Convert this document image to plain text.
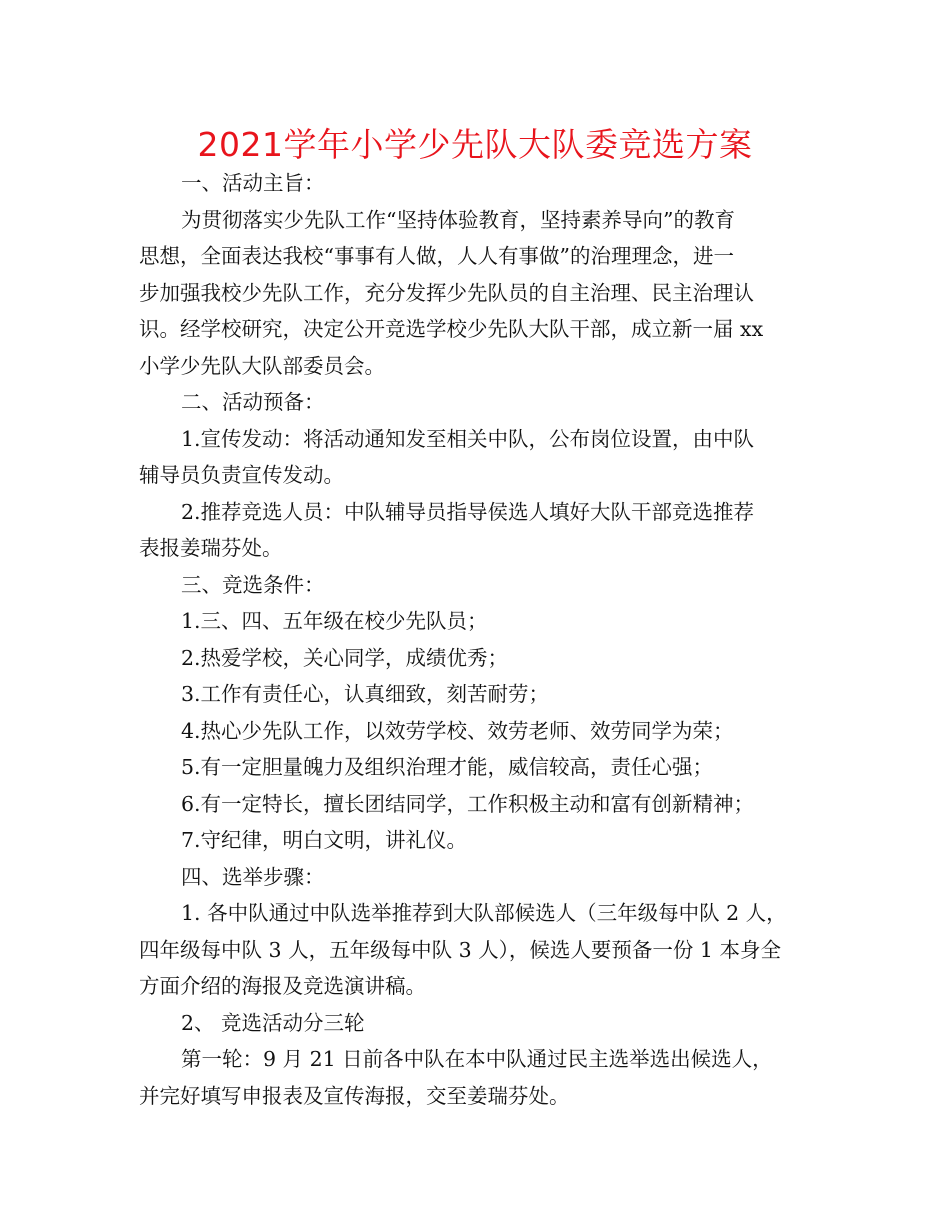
2021学年小学少先队大队委竞选方案
一、活动主旨：
为贯彻落实少先队工作“坚持体验教育，坚持素养导向”的教育
思想，全面表达我校“事事有人做，人人有事做”的治理理念，进一
步加强我校少先队工作，充分发挥少先队员的自主治理、民主治理认
识。经学校研究，决定公开竞选学校少先队大队干部，成立新一届 xx
小学少先队大队部委员会。
二、活动预备：
1.宣传发动：将活动通知发至相关中队，公布岗位设置，由中队
辅导员负责宣传发动。
2.推荐竞选人员：中队辅导员指导侯选人填好大队干部竞选推荐
表报姜瑞芬处。
三、竞选条件：
1.三、四、五年级在校少先队员；
2.热爱学校，关心同学，成绩优秀；
3.工作有责任心，认真细致，刻苦耐劳；
4.热心少先队工作，以效劳学校、效劳老师、效劳同学为荣；
5.有一定胆量魄力及组织治理才能，威信较高，责任心强；
6.有一定特长，擅长团结同学，工作积极主动和富有创新精神；
7.守纪律，明白文明，讲礼仪。
四、选举步骤：
1. 各中队通过中队选举推荐到大队部候选人（三年级每中队 2 人，
四年级每中队 3 人，五年级每中队 3 人），候选人要预备一份 1 本身全
方面介绍的海报及竞选演讲稿。
2、 竞选活动分三轮
第一轮：9 月 21 日前各中队在本中队通过民主选举选出候选人，
并完好填写申报表及宣传海报，交至姜瑞芬处。
